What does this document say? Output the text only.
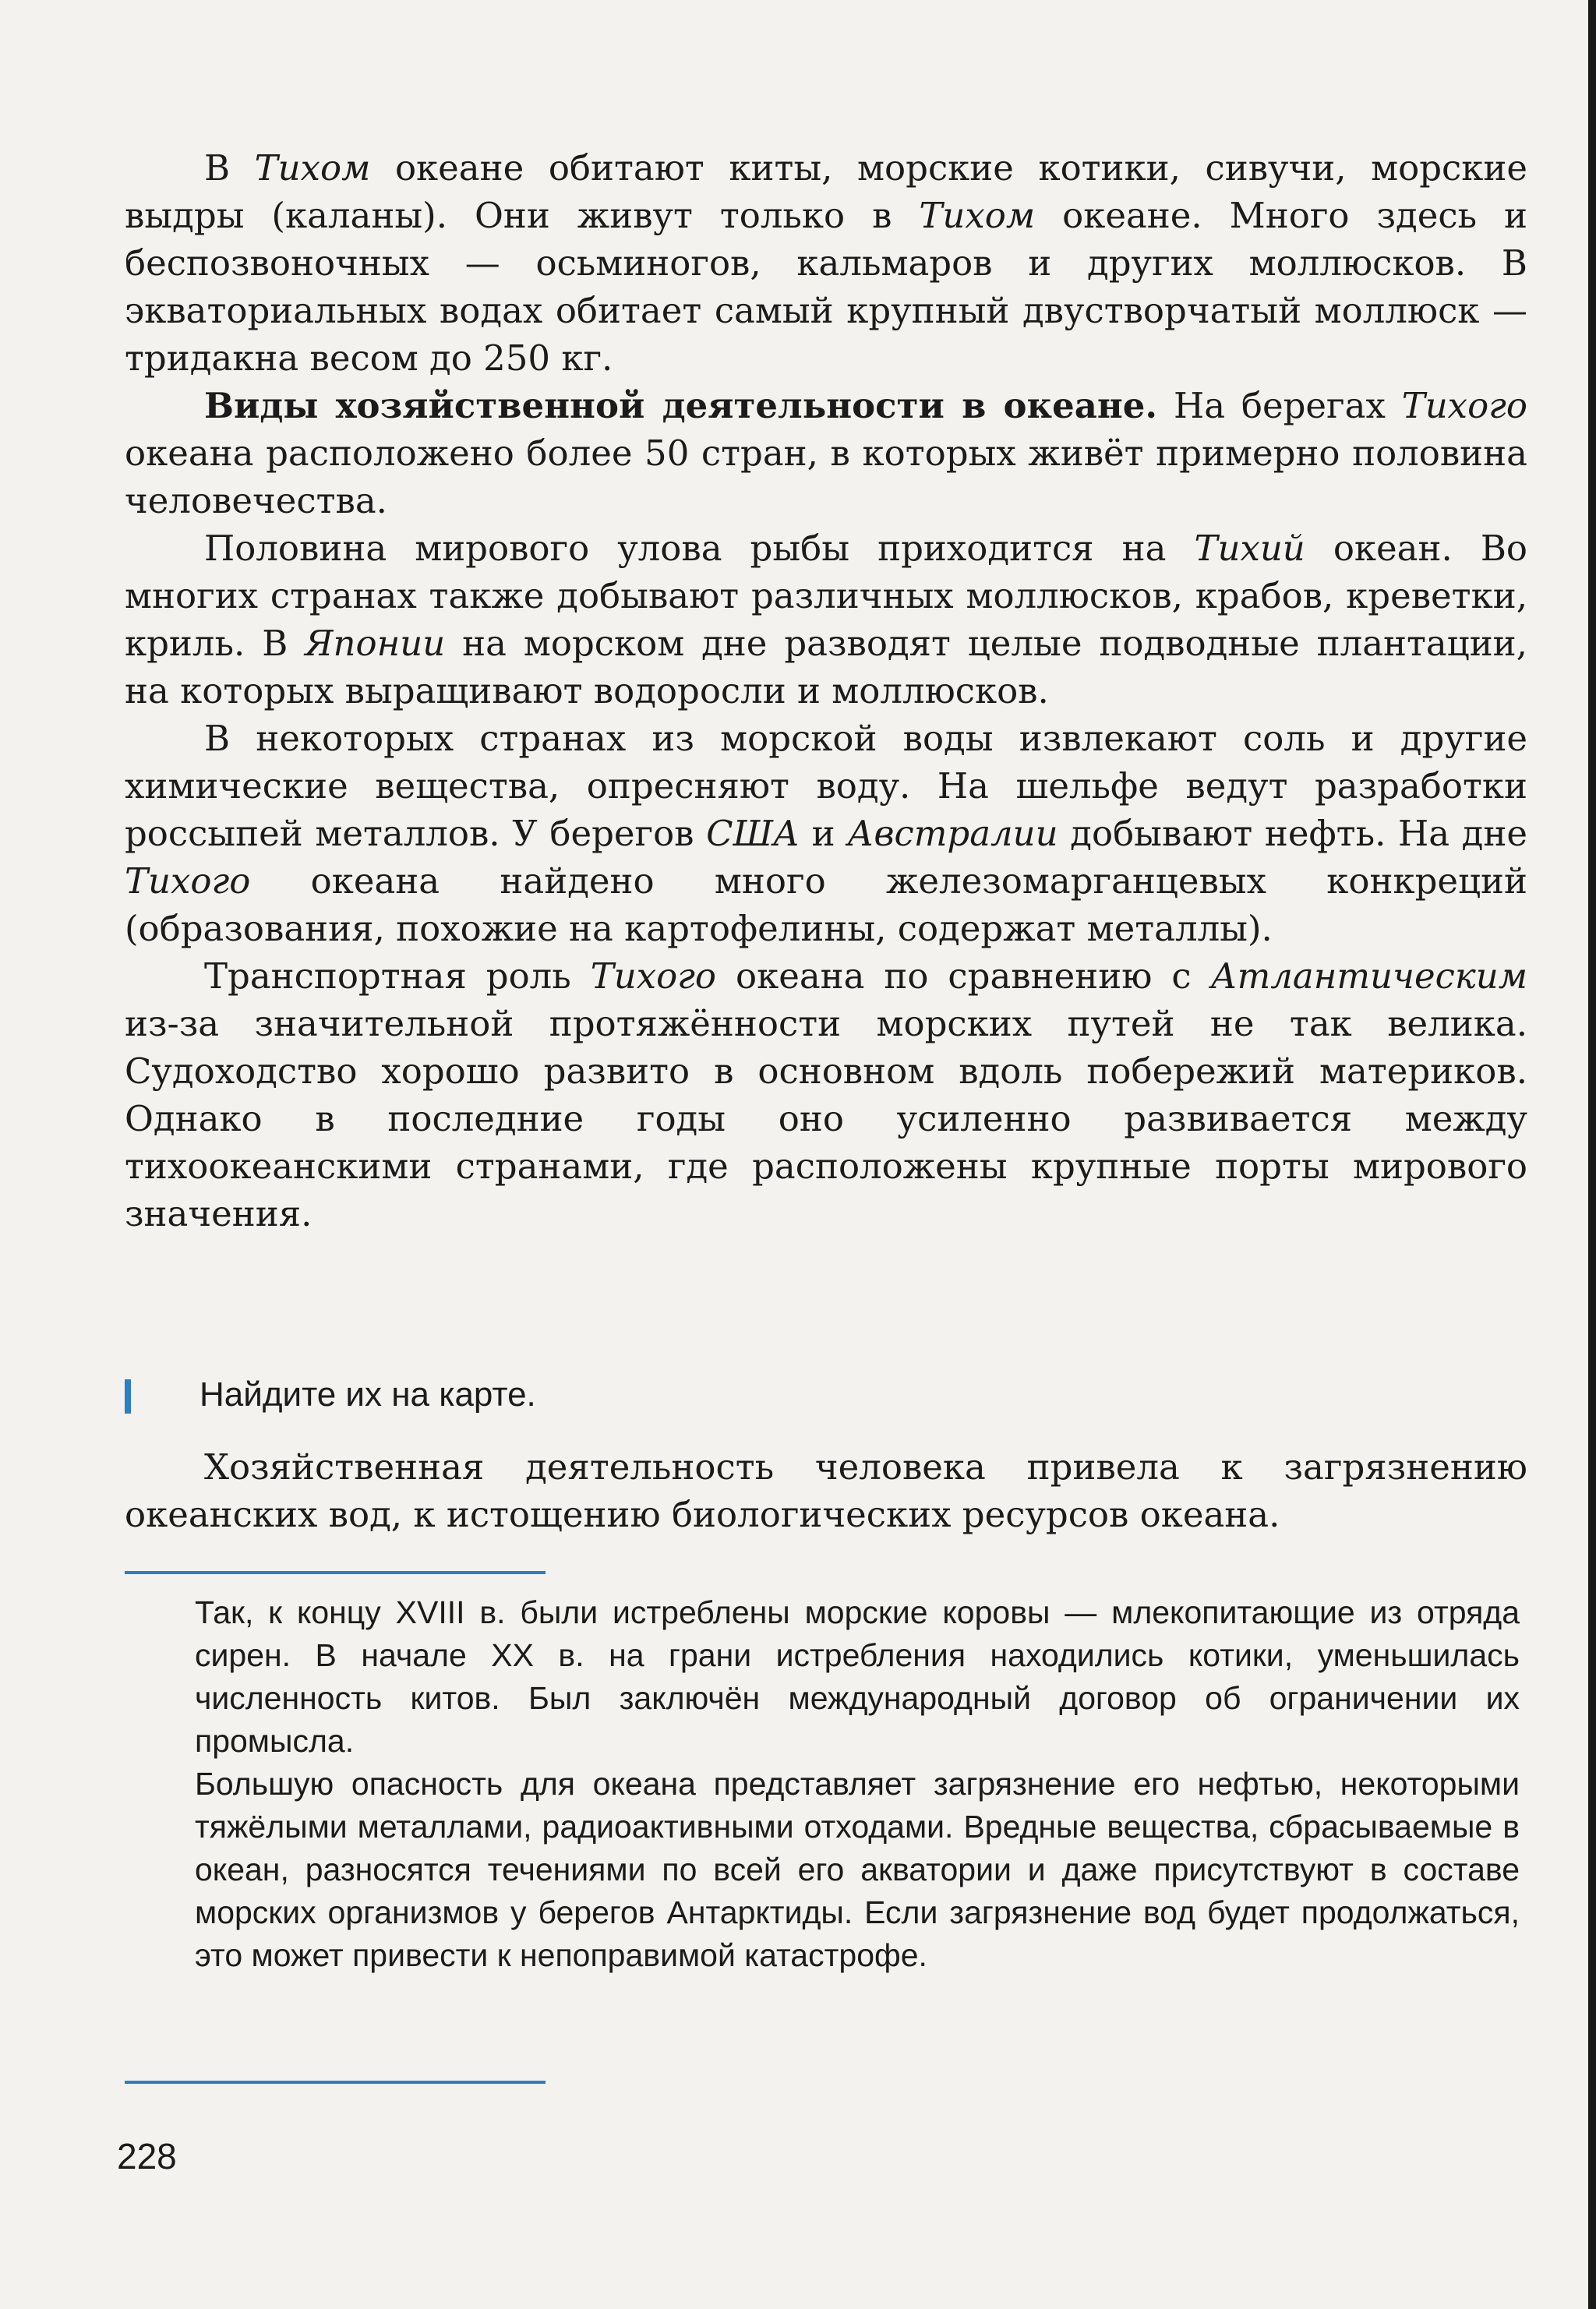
В Тихом океане обитают киты, морские котики, сивучи, морские выдры (каланы). Они живут только в Тихом океане. Много здесь и беспозвоночных — осьминогов, кальмаров и других моллюсков. В экваториальных водах обитает самый крупный двустворчатый моллюск — тридакна весом до 250 кг.

Виды хозяйственной деятельности в океане. На берегах Тихого океана расположено более 50 стран, в которых живёт примерно половина человечества.

Половина мирового улова рыбы приходится на Тихий океан. Во многих странах также добывают различных моллюсков, крабов, креветки, криль. В Японии на морском дне разводят целые подводные плантации, на которых выращивают водоросли и моллюсков.

В некоторых странах из морской воды извлекают соль и другие химические вещества, опресняют воду. На шельфе ведут разработки россыпей металлов. У берегов США и Австралии добывают нефть. На дне Тихого океана найдено много железомарганцевых конкреций (образования, похожие на картофелины, содержат металлы).

Транспортная роль Тихого океана по сравнению с Атлантическим из-за значительной протяжённости морских путей не так велика. Судоходство хорошо развито в основном вдоль побережий материков. Однако в последние годы оно усиленно развивается между тихоокеанскими странами, где расположены крупные порты мирового значения.

Найдите их на карте.

Хозяйственная деятельность человека привела к загрязнению океанских вод, к истощению биологических ресурсов океана.

Так, к концу XVIII в. были истреблены морские коровы — млекопитающие из отряда сирен. В начале XX в. на грани истребления находились котики, уменьшилась численность китов. Был заключён международный договор об ограничении их промысла.

Большую опасность для океана представляет загрязнение его нефтью, некоторыми тяжёлыми металлами, радиоактивными отходами. Вредные вещества, сбрасываемые в океан, разносятся течениями по всей его акватории и даже присутствуют в составе морских организмов у берегов Антарктиды. Если загрязнение вод будет продолжаться, это может привести к непоправимой катастрофе.

228
